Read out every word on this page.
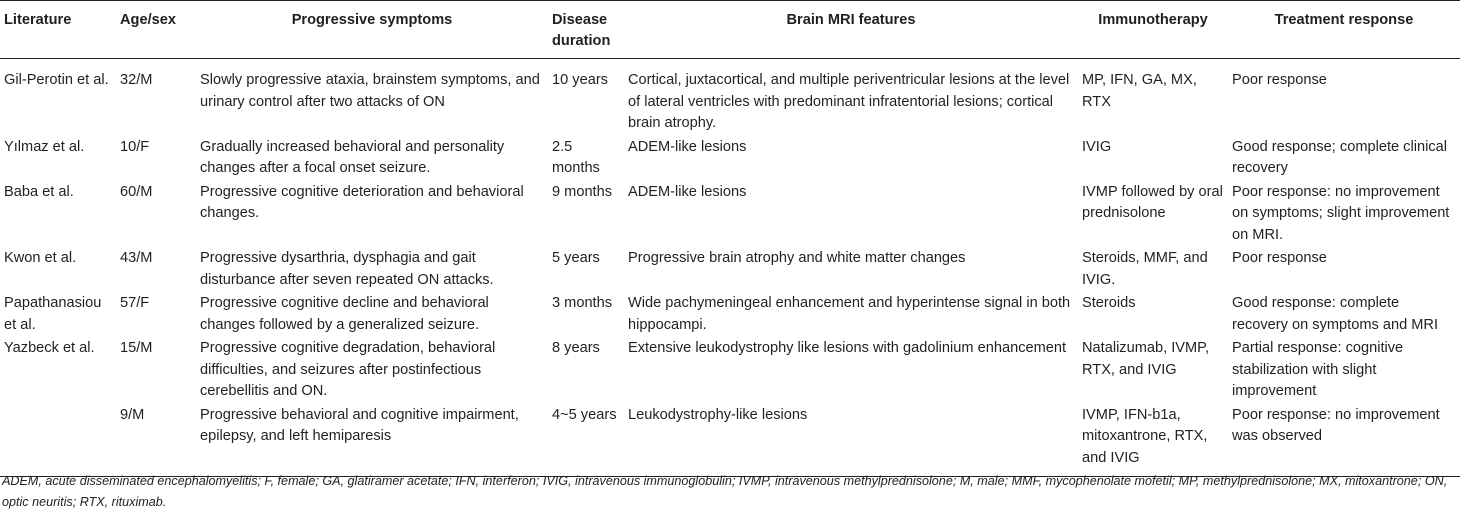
Literature	Age/sex	Progressive symptoms	Disease duration	Brain MRI features	Immunotherapy	Treatment response
Gil-Perotin et al.	32/M	Slowly progressive ataxia, brainstem symptoms, and urinary control after two attacks of ON	10 years	Cortical, juxtacortical, and multiple periventricular lesions at the level of lateral ventricles with predominant infratentorial lesions; cortical brain atrophy.	MP, IFN, GA, MX, RTX	Poor response
Yılmaz et al.	10/F	Gradually increased behavioral and personality changes after a focal onset seizure.	2.5 months	ADEM-like lesions	IVIG	Good response; complete clinical recovery
Baba et al.	60/M	Progressive cognitive deterioration and behavioral changes.	9 months	ADEM-like lesions	IVMP followed by oral prednisolone	Poor response: no improvement on symptoms; slight improvement on MRI.
Kwon et al.	43/M	Progressive dysarthria, dysphagia and gait disturbance after seven repeated ON attacks.	5 years	Progressive brain atrophy and white matter changes	Steroids, MMF, and IVIG.	Poor response
Papathanasiou et al.	57/F	Progressive cognitive decline and behavioral changes followed by a generalized seizure.	3 months	Wide pachymeningeal enhancement and hyperintense signal in both hippocampi.	Steroids	Good response: complete recovery on symptoms and MRI
Yazbeck et al.	15/M	Progressive cognitive degradation, behavioral difficulties, and seizures after postinfectious cerebellitis and ON.	8 years	Extensive leukodystrophy like lesions with gadolinium enhancement	Natalizumab, IVMP, RTX, and IVIG	Partial response: cognitive stabilization with slight improvement
	9/M	Progressive behavioral and cognitive impairment, epilepsy, and left hemiparesis	4~5 years	Leukodystrophy-like lesions	IVMP, IFN-b1a, mitoxantrone, RTX, and IVIG	Poor response: no improvement was observed
ADEM, acute disseminated encephalomyelitis; F, female; GA, glatiramer acetate; IFN, interferon; IVIG, intravenous immunoglobulin; IVMP, intravenous methylprednisolone; M, male; MMF, mycophenolate mofetil; MP, methylprednisolone; MX, mitoxantrone; ON, optic neuritis; RTX, rituximab.
